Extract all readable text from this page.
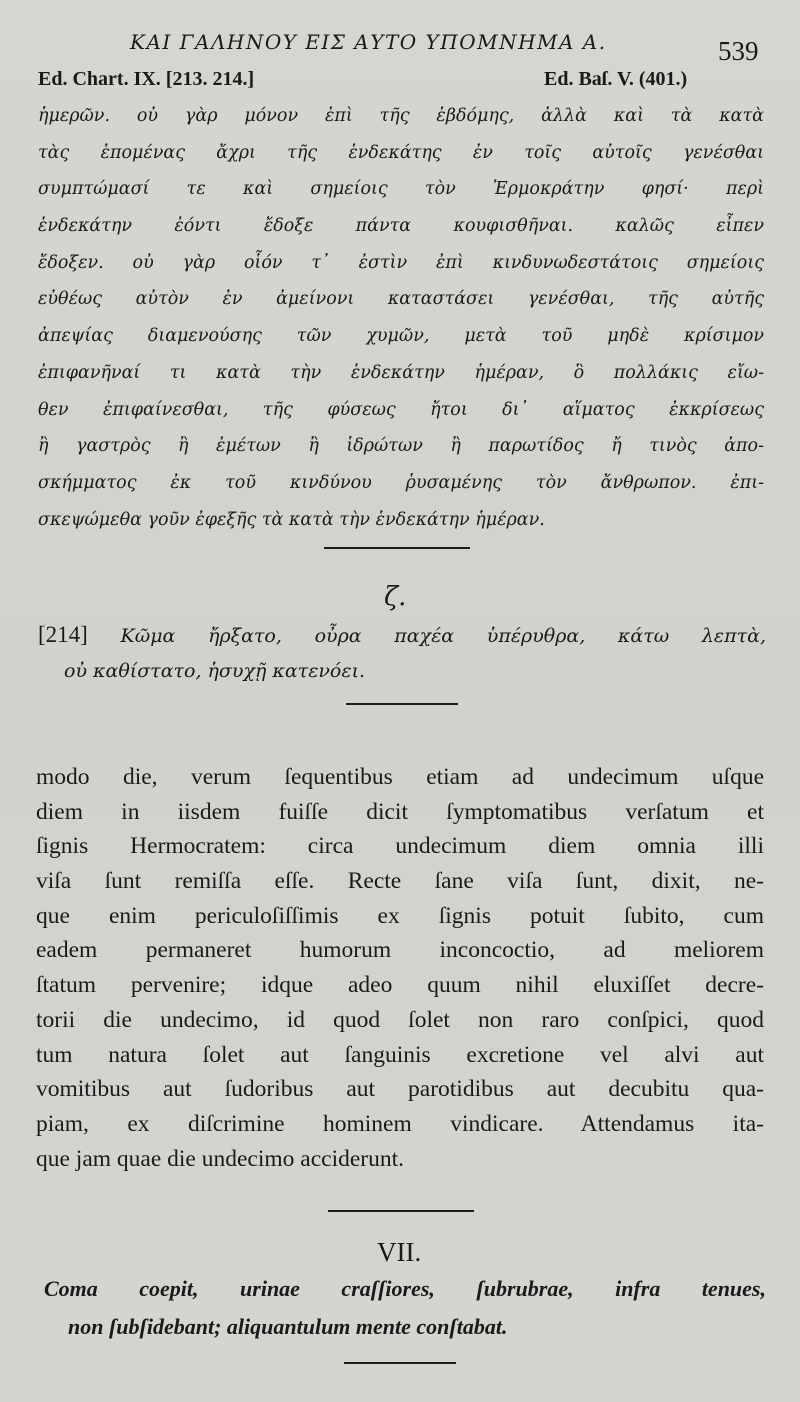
ΚΑΙ ΓΑΛΗΝΟΥ ΕΙΣ ΑΥΤΟ ΥΠΟΜΝΗΜΑ Α.	539
Ed. Chart. IX. [213. 214.]	Ed. Baſ. V. (401.)
ἡμερῶν. οὐ γὰρ μόνον ἐπὶ τῆς ἑβδόμης, ἀλλὰ καὶ τὰ κατὰ
τὰς ἑπομένας ἄχρι τῆς ἑνδεκάτης ἐν τοῖς αὐτοῖς γενέσθαι
συμπτώμασί τε καὶ σημείοις τὸν Ἑρμοκράτην φησί· περὶ
ἑνδεκάτην ἐόντι ἔδοξε πάντα κουφισθῆναι. καλῶς εἶπεν
ἔδοξεν. οὐ γὰρ οἷόν τ᾽ ἐστὶν ἐπὶ κινδυνωδεστάτοις σημείοις
εὐθέως αὐτὸν ἐν ἀμείνονι καταστάσει γενέσθαι, τῆς αὐτῆς
ἀπεψίας διαμενούσης τῶν χυμῶν, μετὰ τοῦ μηδὲ κρίσιμον
ἐπιφανῆναί τι κατὰ τὴν ἑνδεκάτην ἡμέραν, ὃ πολλάκις εἴω-
θεν ἐπιφαίνεσθαι, τῆς φύσεως ἤτοι δι᾽ αἵματος ἐκκρίσεως
ἢ γαστρὸς ἢ ἐμέτων ἢ ἱδρώτων ἢ παρωτίδος ἤ τινὸς ἀπο-
σκήμματος ἐκ τοῦ κινδύνου ῥυσαμένης τὸν ἄνθρωπον. ἐπι-
σκεψώμεθα γοῦν ἐφεξῆς τὰ κατὰ τὴν ἑνδεκάτην ἡμέραν.
ζ.
[214] Κῶμα ἤρξατο, οὖρα παχέα ὑπέρυθρα, κάτω λεπτὰ,
οὐ καθίστατο, ἡσυχῇ κατενόει.
modo die, verum ſequentibus etiam ad undecimum uſque
diem in iisdem fuiſſe dicit ſymptomatibus verſatum et
ſignis Hermocratem: circa undecimum diem omnia illi
viſa ſunt remiſſa eſſe. Recte ſane viſa ſunt, dixit, ne-
que enim periculoſiſſimis ex ſignis potuit ſubito, cum
eadem permaneret humorum inconcoctio, ad meliorem
ſtatum pervenire; idque adeo quum nihil eluxiſſet decre-
torii die undecimo, id quod ſolet non raro conſpici, quod
tum natura ſolet aut ſanguinis excretione vel alvi aut
vomitibus aut ſudoribus aut parotidibus aut decubitu qua-
piam, ex diſcrimine hominem vindicare. Attendamus ita-
que jam quae die undecimo acciderunt.
VII.
Coma coepit, urinae craſſiores, ſubrubrae, infra tenues,
non ſubſidebant; aliquantulum mente conſtabat.
